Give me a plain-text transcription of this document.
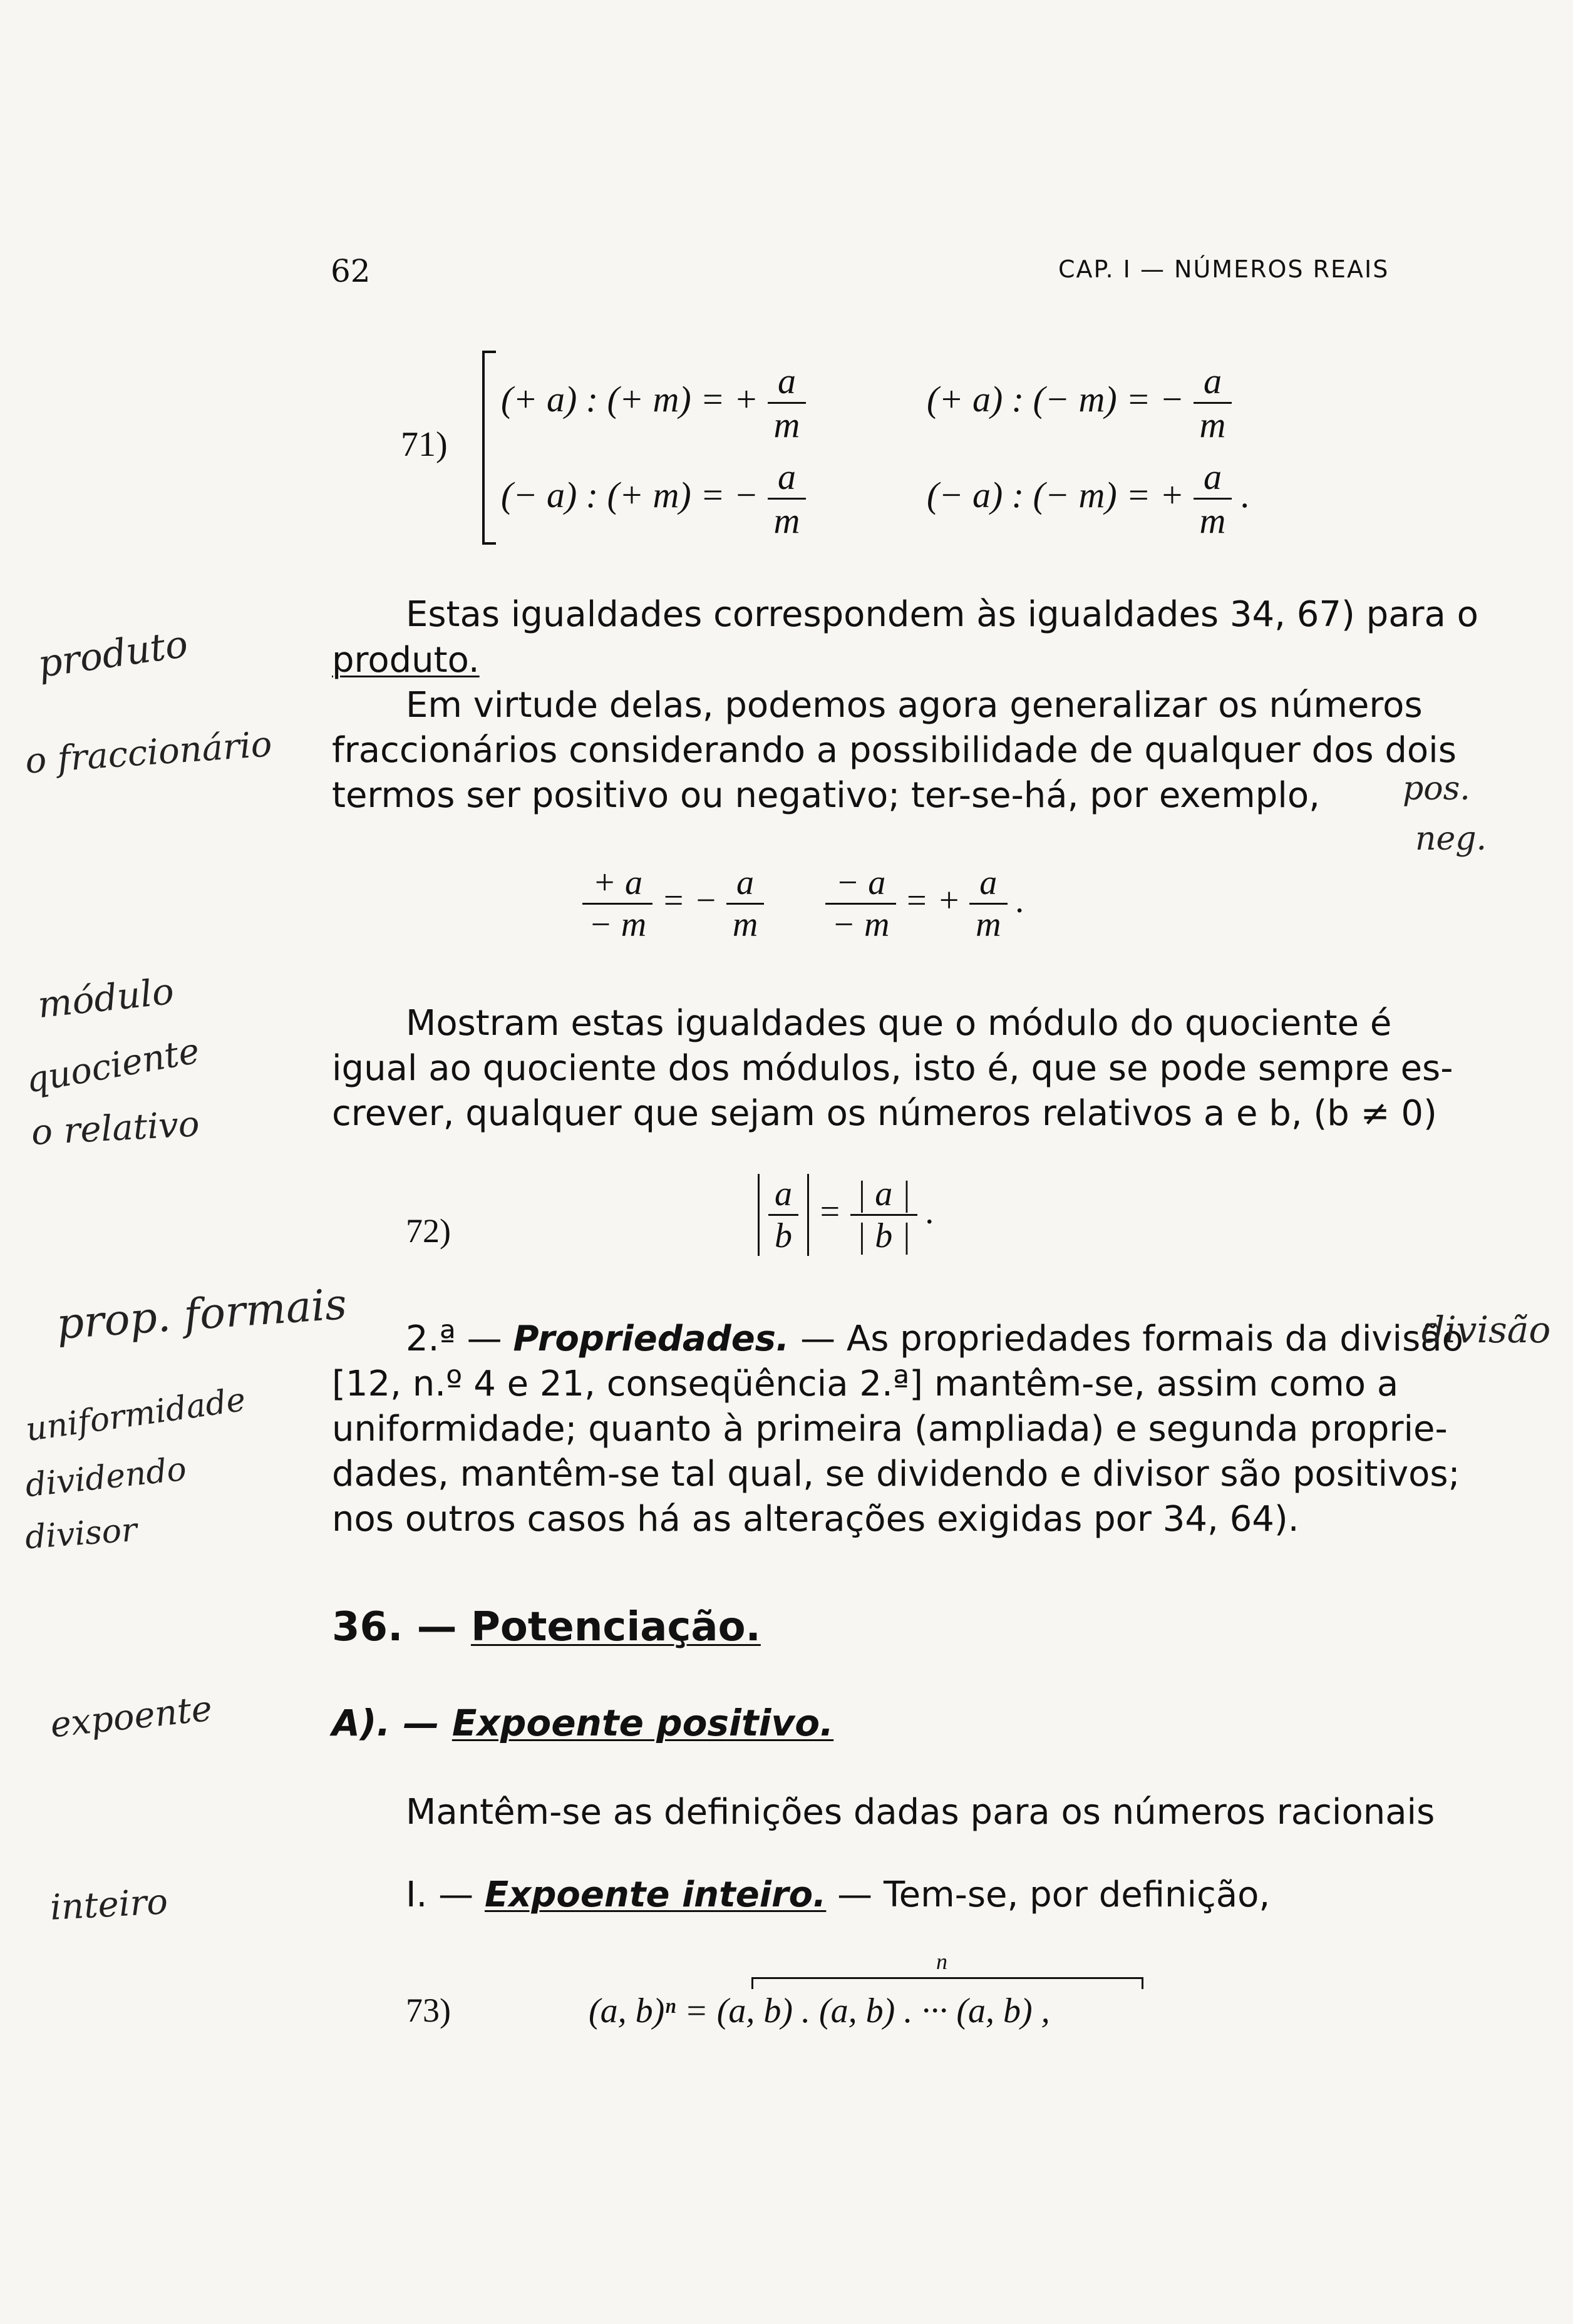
62	CAP. I — NÚMEROS REAIS
71)
(+ a) : (+ m) = + $\frac{a}{m}$	(+ a) : (− m) = − $\frac{a}{m}$
(− a) : (+ m) = − $\frac{a}{m}$	(− a) : (− m) = + $\frac{a}{m}$ .
Estas igualdades correspondem às igualdades 34, 67) para o
produto.
Em virtude delas, podemos agora generalizar os números
fraccionários considerando a possibilidade de qualquer dos dois
termos ser positivo ou negativo; ter-se-há, por exemplo,
$\frac{+ a}{- m}$ = − $\frac{a}{m}$
$\frac{- a}{- m}$ = + $\frac{a}{m}$ .
Mostram estas igualdades que o módulo do quociente é
igual ao quociente dos módulos, isto é, que se pode sempre es-
crever, qualquer que sejam os números relativos a e b, (b ≠ 0)
72)	$\frac{a}{b} = \frac{| a |}{| b |}$ .
2.ª — Propriedades. — As propriedades formais da divisão
[12, n.º 4 e 21, conseqüência 2.ª] mantêm-se, assim como a
uniformidade; quanto à primeira (ampliada) e segunda proprie-
dades, mantêm-se tal qual, se dividendo e divisor são positivos;
nos outros casos há as alterações exigidas por 34, 64).
36. — Potenciação.
A). — Expoente positivo.
Mantêm-se as definições dadas para os números racionais
I. — Expoente inteiro. — Tem-se, por definição,
73)
n
(a, b)ⁿ = (a, b) . (a, b) . ··· (a, b) ,
produto
o fraccionário
pos.
neg.
módulo
quociente
o relativo
prop. formais	divisão
uniformidade
dividendo
divisor
expoente
inteiro
